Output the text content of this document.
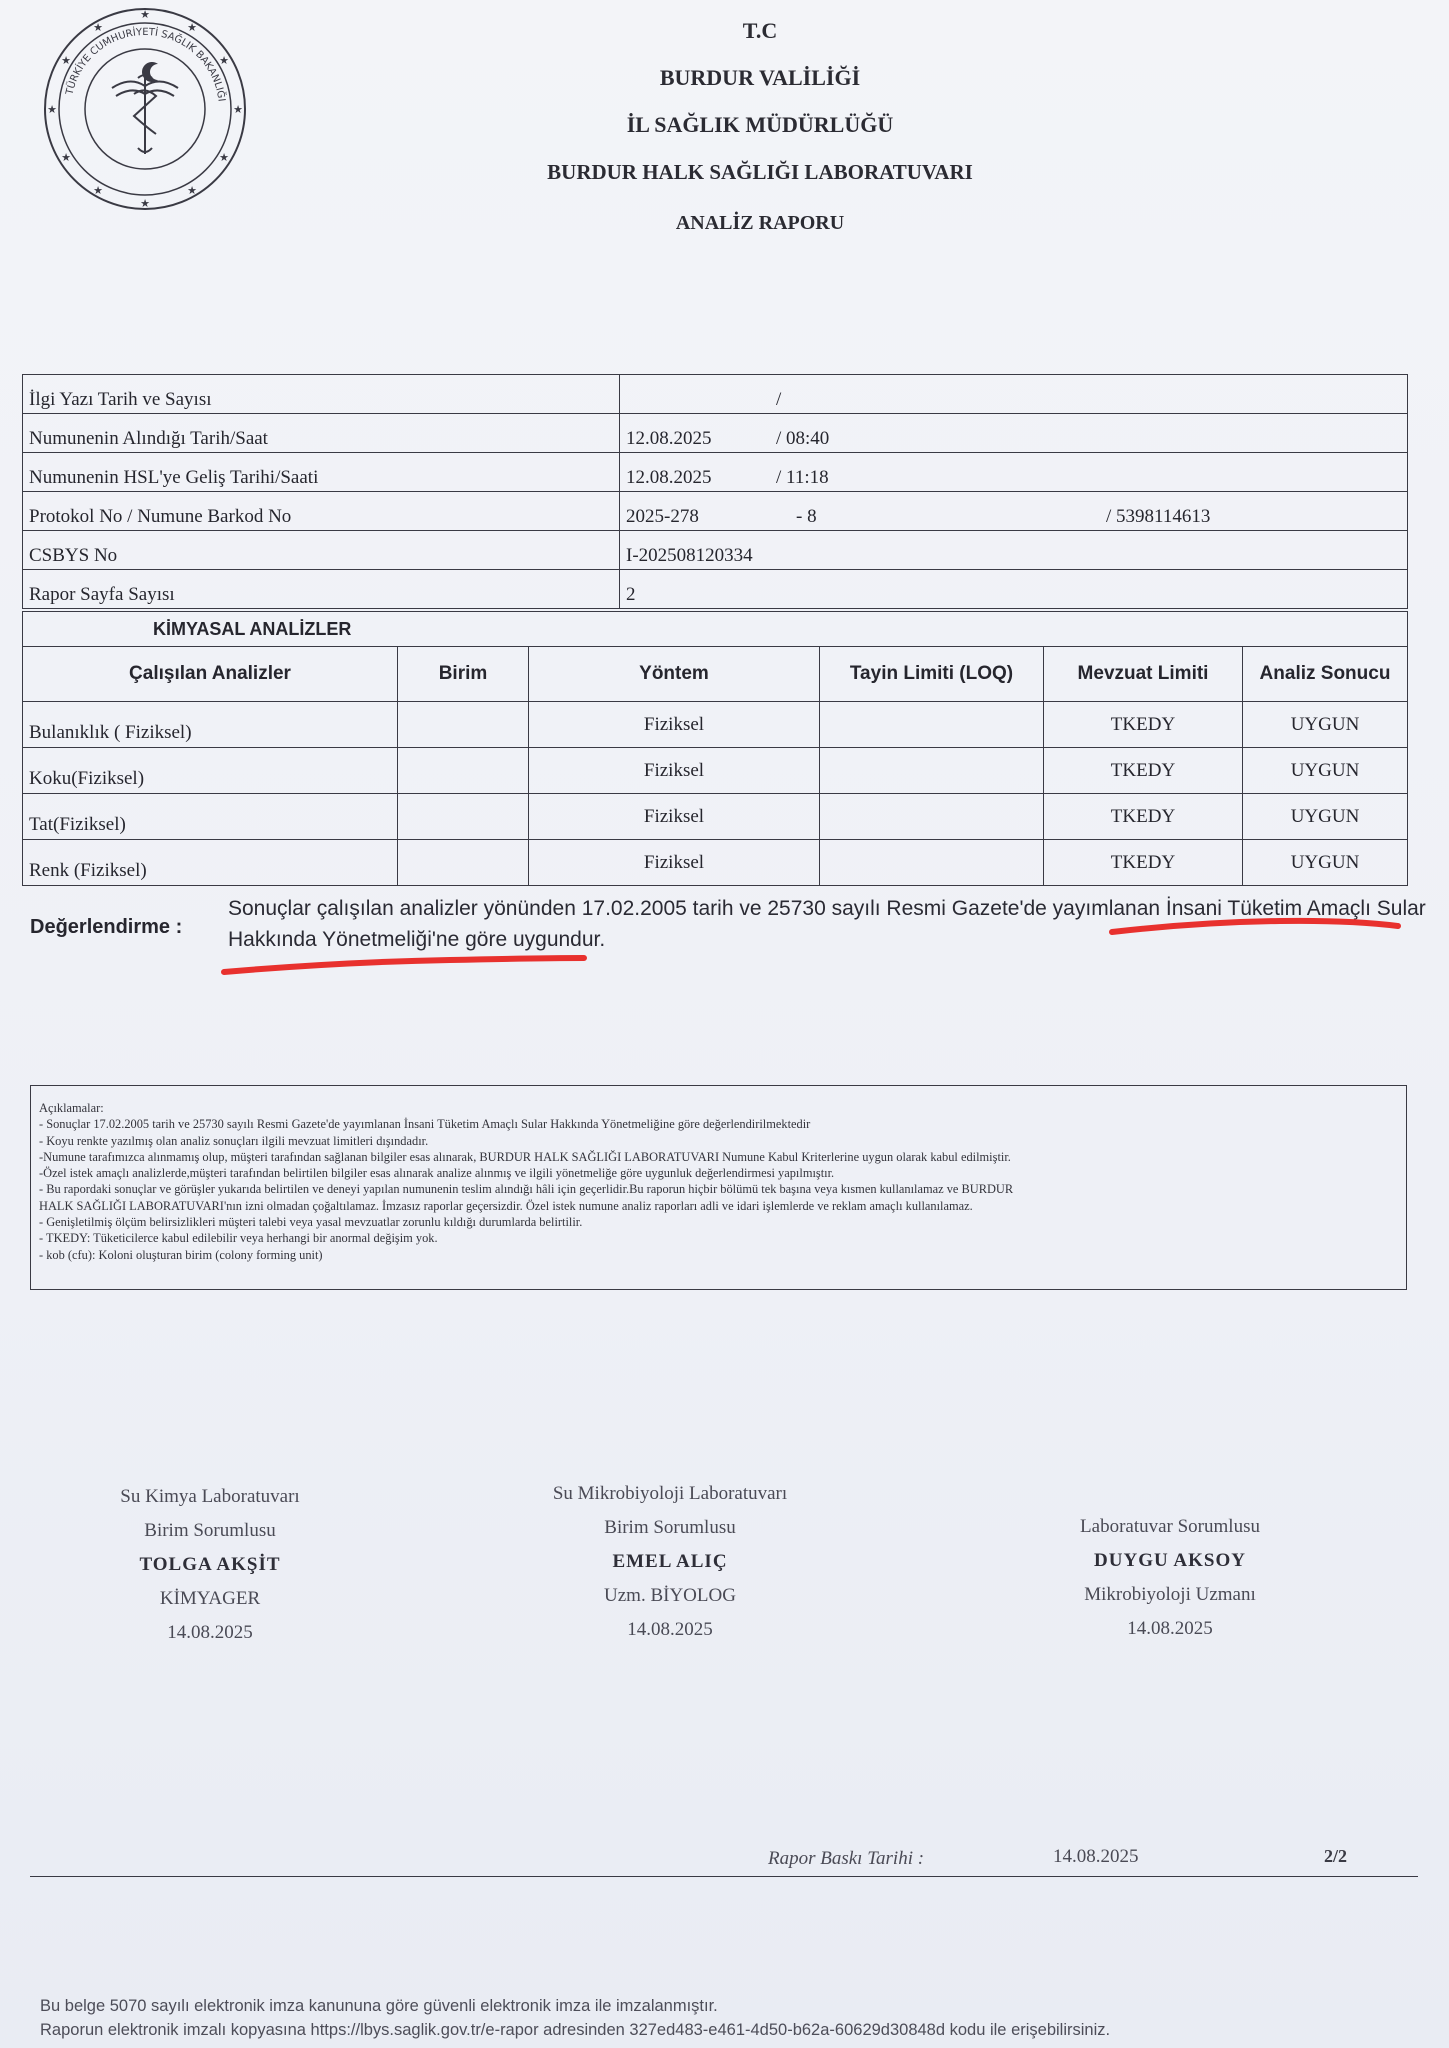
TÜRKİYE CUMHURİYETİ SAĞLIK BAKANLIĞI
★
★
★
★
★
★
★
★
★
★
★
★	T.C
BURDUR VALİLİĞİ
İL SAĞLIK MÜDÜRLÜĞÜ
BURDUR HALK SAĞLIĞI LABORATUVARI
ANALİZ RAPORU
İlgi Yazı Tarih ve Sayısı	/
Numunenin Alındığı Tarih/Saat	12.08.2025 / 08:40
Numunenin HSL'ye Geliş Tarihi/Saati	12.08.2025 / 11:18
Protokol No / Numune Barkod No	2025-278 - 8 / 5398114613
CSBYS No	I-202508120334
Rapor Sayfa Sayısı	2
KİMYASAL ANALİZLER					
Çalışılan Analizler	Birim	Yöntem	Tayin Limiti (LOQ)	Mevzuat Limiti	Analiz Sonucu
Bulanıklık ( Fiziksel)		Fiziksel		TKEDY	UYGUN
Koku(Fiziksel)		Fiziksel		TKEDY	UYGUN
Tat(Fiziksel)		Fiziksel		TKEDY	UYGUN
Renk (Fiziksel)		Fiziksel		TKEDY	UYGUN
Değerlendirme :
Sonuçlar çalışılan analizler yönünden 17.02.2005 tarih ve 25730 sayılı Resmi Gazete'de yayımlanan İnsani Tüketim Amaçlı Sular
Hakkında Yönetmeliği'ne göre uygundur.
Açıklamalar:
- Sonuçlar 17.02.2005 tarih ve 25730 sayılı Resmi Gazete'de yayımlanan İnsani Tüketim Amaçlı Sular Hakkında Yönetmeliğine göre değerlendirilmektedir
- Koyu renkte yazılmış olan analiz sonuçları ilgili mevzuat limitleri dışındadır.
-Numune tarafımızca alınmamış olup, müşteri tarafından sağlanan bilgiler esas alınarak, BURDUR HALK SAĞLIĞI LABORATUVARI Numune Kabul Kriterlerine uygun olarak kabul edilmiştir.
-Özel istek amaçlı analizlerde,müşteri tarafından belirtilen bilgiler esas alınarak analize alınmış ve ilgili yönetmeliğe göre uygunluk değerlendirmesi yapılmıştır.
- Bu rapordaki sonuçlar ve görüşler yukarıda belirtilen ve deneyi yapılan numunenin teslim alındığı hâli için geçerlidir.Bu raporun hiçbir bölümü tek başına veya kısmen kullanılamaz ve BURDUR
HALK SAĞLIĞI LABORATUVARI'nın izni olmadan çoğaltılamaz. İmzasız raporlar geçersizdir. Özel istek numune analiz raporları adli ve idari işlemlerde ve reklam amaçlı kullanılamaz.
- Genişletilmiş ölçüm belirsizlikleri müşteri talebi veya yasal mevzuatlar zorunlu kıldığı durumlarda belirtilir.
- TKEDY: Tüketicilerce kabul edilebilir veya herhangi bir anormal değişim yok.
- kob (cfu): Koloni oluşturan birim (colony forming unit)
Su Kimya Laboratuvarı
Birim Sorumlusu
TOLGA AKŞİT
KİMYAGER
14.08.2025
Su Mikrobiyoloji Laboratuvarı
Birim Sorumlusu
EMEL ALIÇ
Uzm. BİYOLOG
14.08.2025
Laboratuvar Sorumlusu
DUYGU AKSOY
Mikrobiyoloji Uzmanı
14.08.2025
Rapor Baskı Tarihi :	14.08.2025	2/2
Bu belge 5070 sayılı elektronik imza kanununa göre güvenli elektronik imza ile imzalanmıştır.
Raporun elektronik imzalı kopyasına https://lbys.saglik.gov.tr/e-rapor adresinden 327ed483-e461-4d50-b62a-60629d30848d kodu ile erişebilirsiniz.
